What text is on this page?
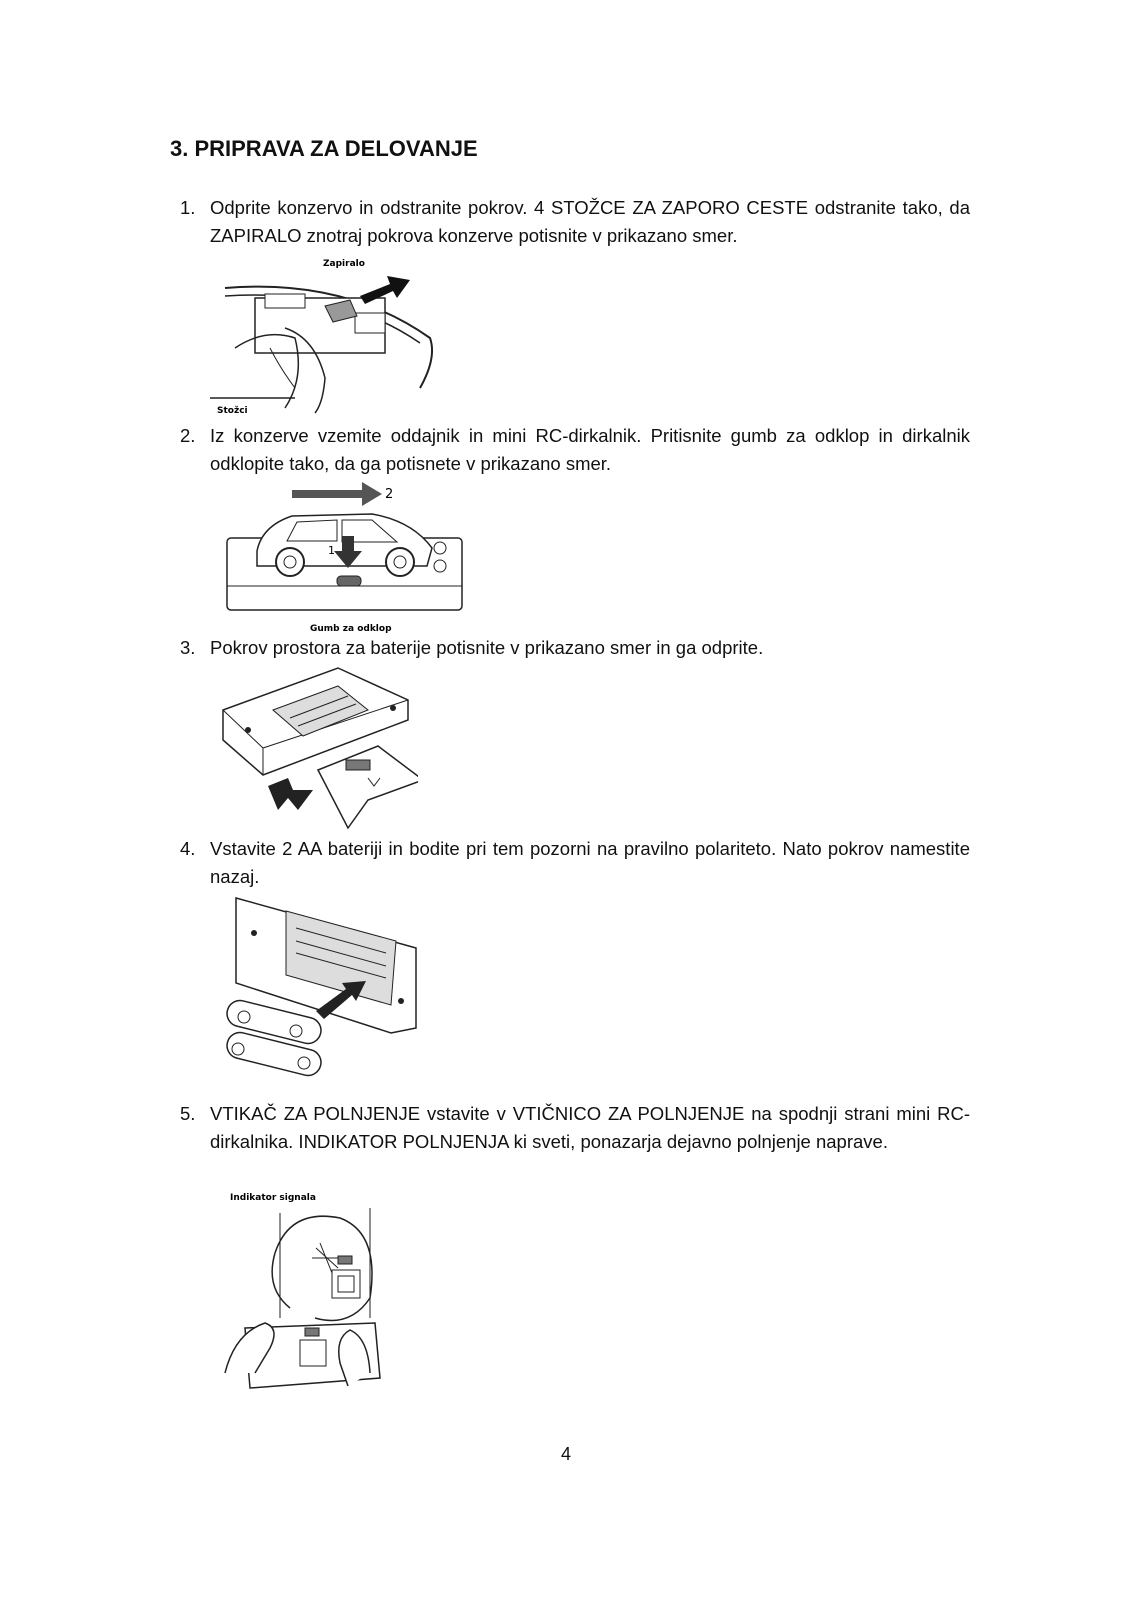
3. PRIPRAVA ZA DELOVANJE
1. Odprite konzervo in odstranite pokrov. 4 STOŽCE ZA ZAPORO CESTE odstranite tako, da ZAPIRALO znotraj pokrova konzerve potisnite v prikazano smer.
Zapiralo
Stožci
2. Iz konzerve vzemite oddajnik in mini RC-dirkalnik. Pritisnite gumb za odklop in dirkalnik odklopite tako, da ga potisnete v prikazano smer.
2
1
Gumb za odklop
3. Pokrov prostora za baterije potisnite v prikazano smer in ga odprite.
4. Vstavite 2 AA bateriji in bodite pri tem pozorni na pravilno polariteto. Nato pokrov namestite nazaj.
5. VTIKAČ ZA POLNJENJE vstavite v VTIČNICO ZA POLNJENJE na spodnji strani mini RC-dirkalnika. INDIKATOR POLNJENJA ki sveti, ponazarja dejavno polnjenje naprave.
Indikator signala
4
